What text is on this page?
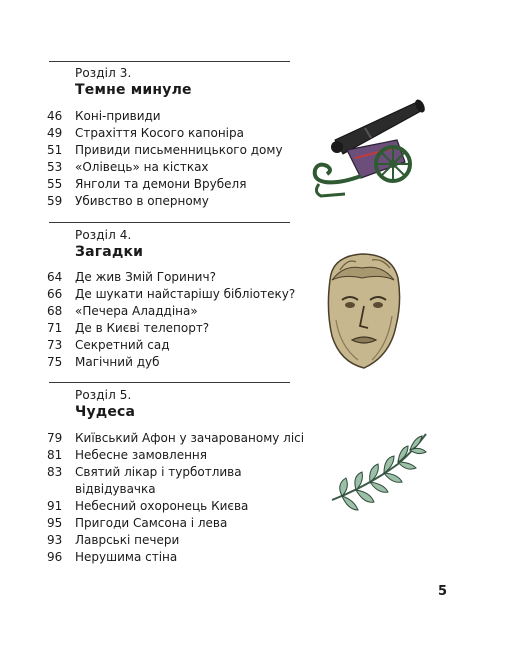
Розділ 3.
Темне минуле
46	Коні-привиди
49	Страхіття Косого капоніра
51	Привиди письменницького дому
53	«Олівець» на кістках
55	Янголи та демони Врубеля
59	Убивство в оперному
Розділ 4.
Загадки
64	Де жив Змій Горинич?
66	Де шукати найстарішу бібліотеку?
68	«Печера Аладдіна»
71	Де в Києві телепорт?
73	Секретний сад
75	Магічний дуб
Розділ 5.
Чудеса
79	Київський Афон у зачарованому лісі
81	Небесне замовлення
83	Святий лікар і турботлива
відвідувачка
91	Небесний охоронець Києва
95	Пригоди Самсона і лева
93	Лаврські печери
96	Нерушима стіна
5
